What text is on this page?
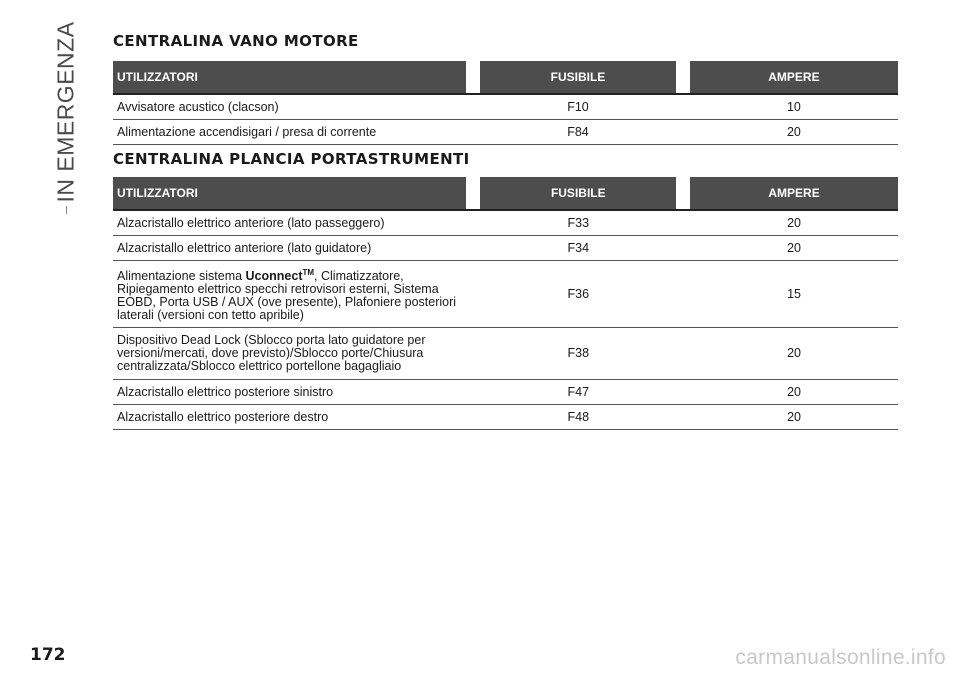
IN EMERGENZA CENTRALINA VANO MOTORE
UTILIZZATORI		FUSIBILE		AMPERE
Avvisatore acustico (clacson)	F10			10
Alimentazione accendisigari / presa di corrente	F84			20
CENTRALINA PLANCIA PORTASTRUMENTI
UTILIZZATORI		FUSIBILE		AMPERE
Alzacristallo elettrico anteriore (lato passeggero)	F33			20
Alzacristallo elettrico anteriore (lato guidatore)	F34			20
Alimentazione sistema Uconnect™, Climatizzatore,
Ripiegamento elettrico specchi retrovisori esterni, Sistema
EOBD, Porta USB / AUX (ove presente), Plafoniere posteriori
laterali (versioni con tetto apribile)	F36			15
Dispositivo Dead Lock (Sblocco porta lato guidatore per
versioni/mercati, dove previsto)/Sblocco porte/Chiusura
centralizzata/Sblocco elettrico portellone bagagliaio	F38			20
Alzacristallo elettrico posteriore sinistro	F47			20
Alzacristallo elettrico posteriore destro	F48			20
172	carmanualsonline.info
